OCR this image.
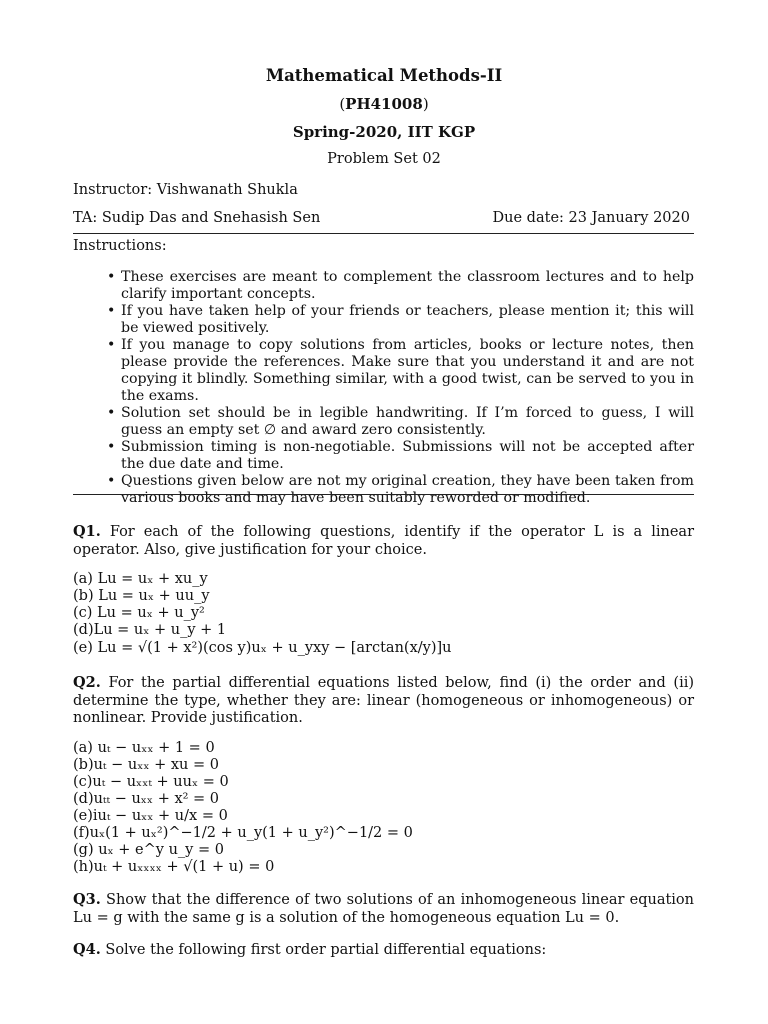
Mathematical Methods-II
(PH41008)
Spring-2020, IIT KGP
Problem Set 02
Instructor: Vishwanath Shukla
TA: Sudip Das and Snehasish Sen	Due date: 23 January 2020
Instructions:
• These exercises are meant to complement the classroom lectures and to help clarify important concepts.
• If you have taken help of your friends or teachers, please mention it; this will be viewed positively.
• If you manage to copy solutions from articles, books or lecture notes, then please provide the references. Make sure that you understand it and are not copying it blindly. Something similar, with a good twist, can be served to you in the exams.
• Solution set should be in legible handwriting. If I’m forced to guess, I will guess an empty set ∅ and award zero consistently.
• Submission timing is non-negotiable. Submissions will not be accepted after the due date and time.
• Questions given below are not my original creation, they have been taken from various books and may have been suitably reworded or modified.

Q1. For each of the following questions, identify if the operator L is a linear operator. Also, give justification for your choice.

(a) Lu = uₓ + xu_y
(b) Lu = uₓ + uu_y
(c) Lu = uₓ + u_y²
(d)Lu = uₓ + u_y + 1
(e) Lu = √(1 + x²)(cos y)uₓ + u_yxy − [arctan(x/y)]u

Q2. For the partial differential equations listed below, find (i) the order and (ii) determine the type, whether they are: linear (homogeneous or inhomogeneous) or nonlinear. Provide justification.

(a) uₜ − uₓₓ + 1 = 0
(b)uₜ − uₓₓ + xu = 0
(c)uₜ − uₓₓₜ + uuₓ = 0
(d)uₜₜ − uₓₓ + x² = 0
(e)iuₜ − uₓₓ + u/x = 0
(f)uₓ(1 + uₓ²)^−1/2 + u_y(1 + u_y²)^−1/2 = 0
(g) uₓ + e^y u_y = 0
(h)uₜ + uₓₓₓₓ + √(1 + u) = 0

Q3. Show that the difference of two solutions of an inhomogeneous linear equation Lu = g with the same g is a solution of the homogeneous equation Lu = 0.

Q4. Solve the following first order partial differential equations:
